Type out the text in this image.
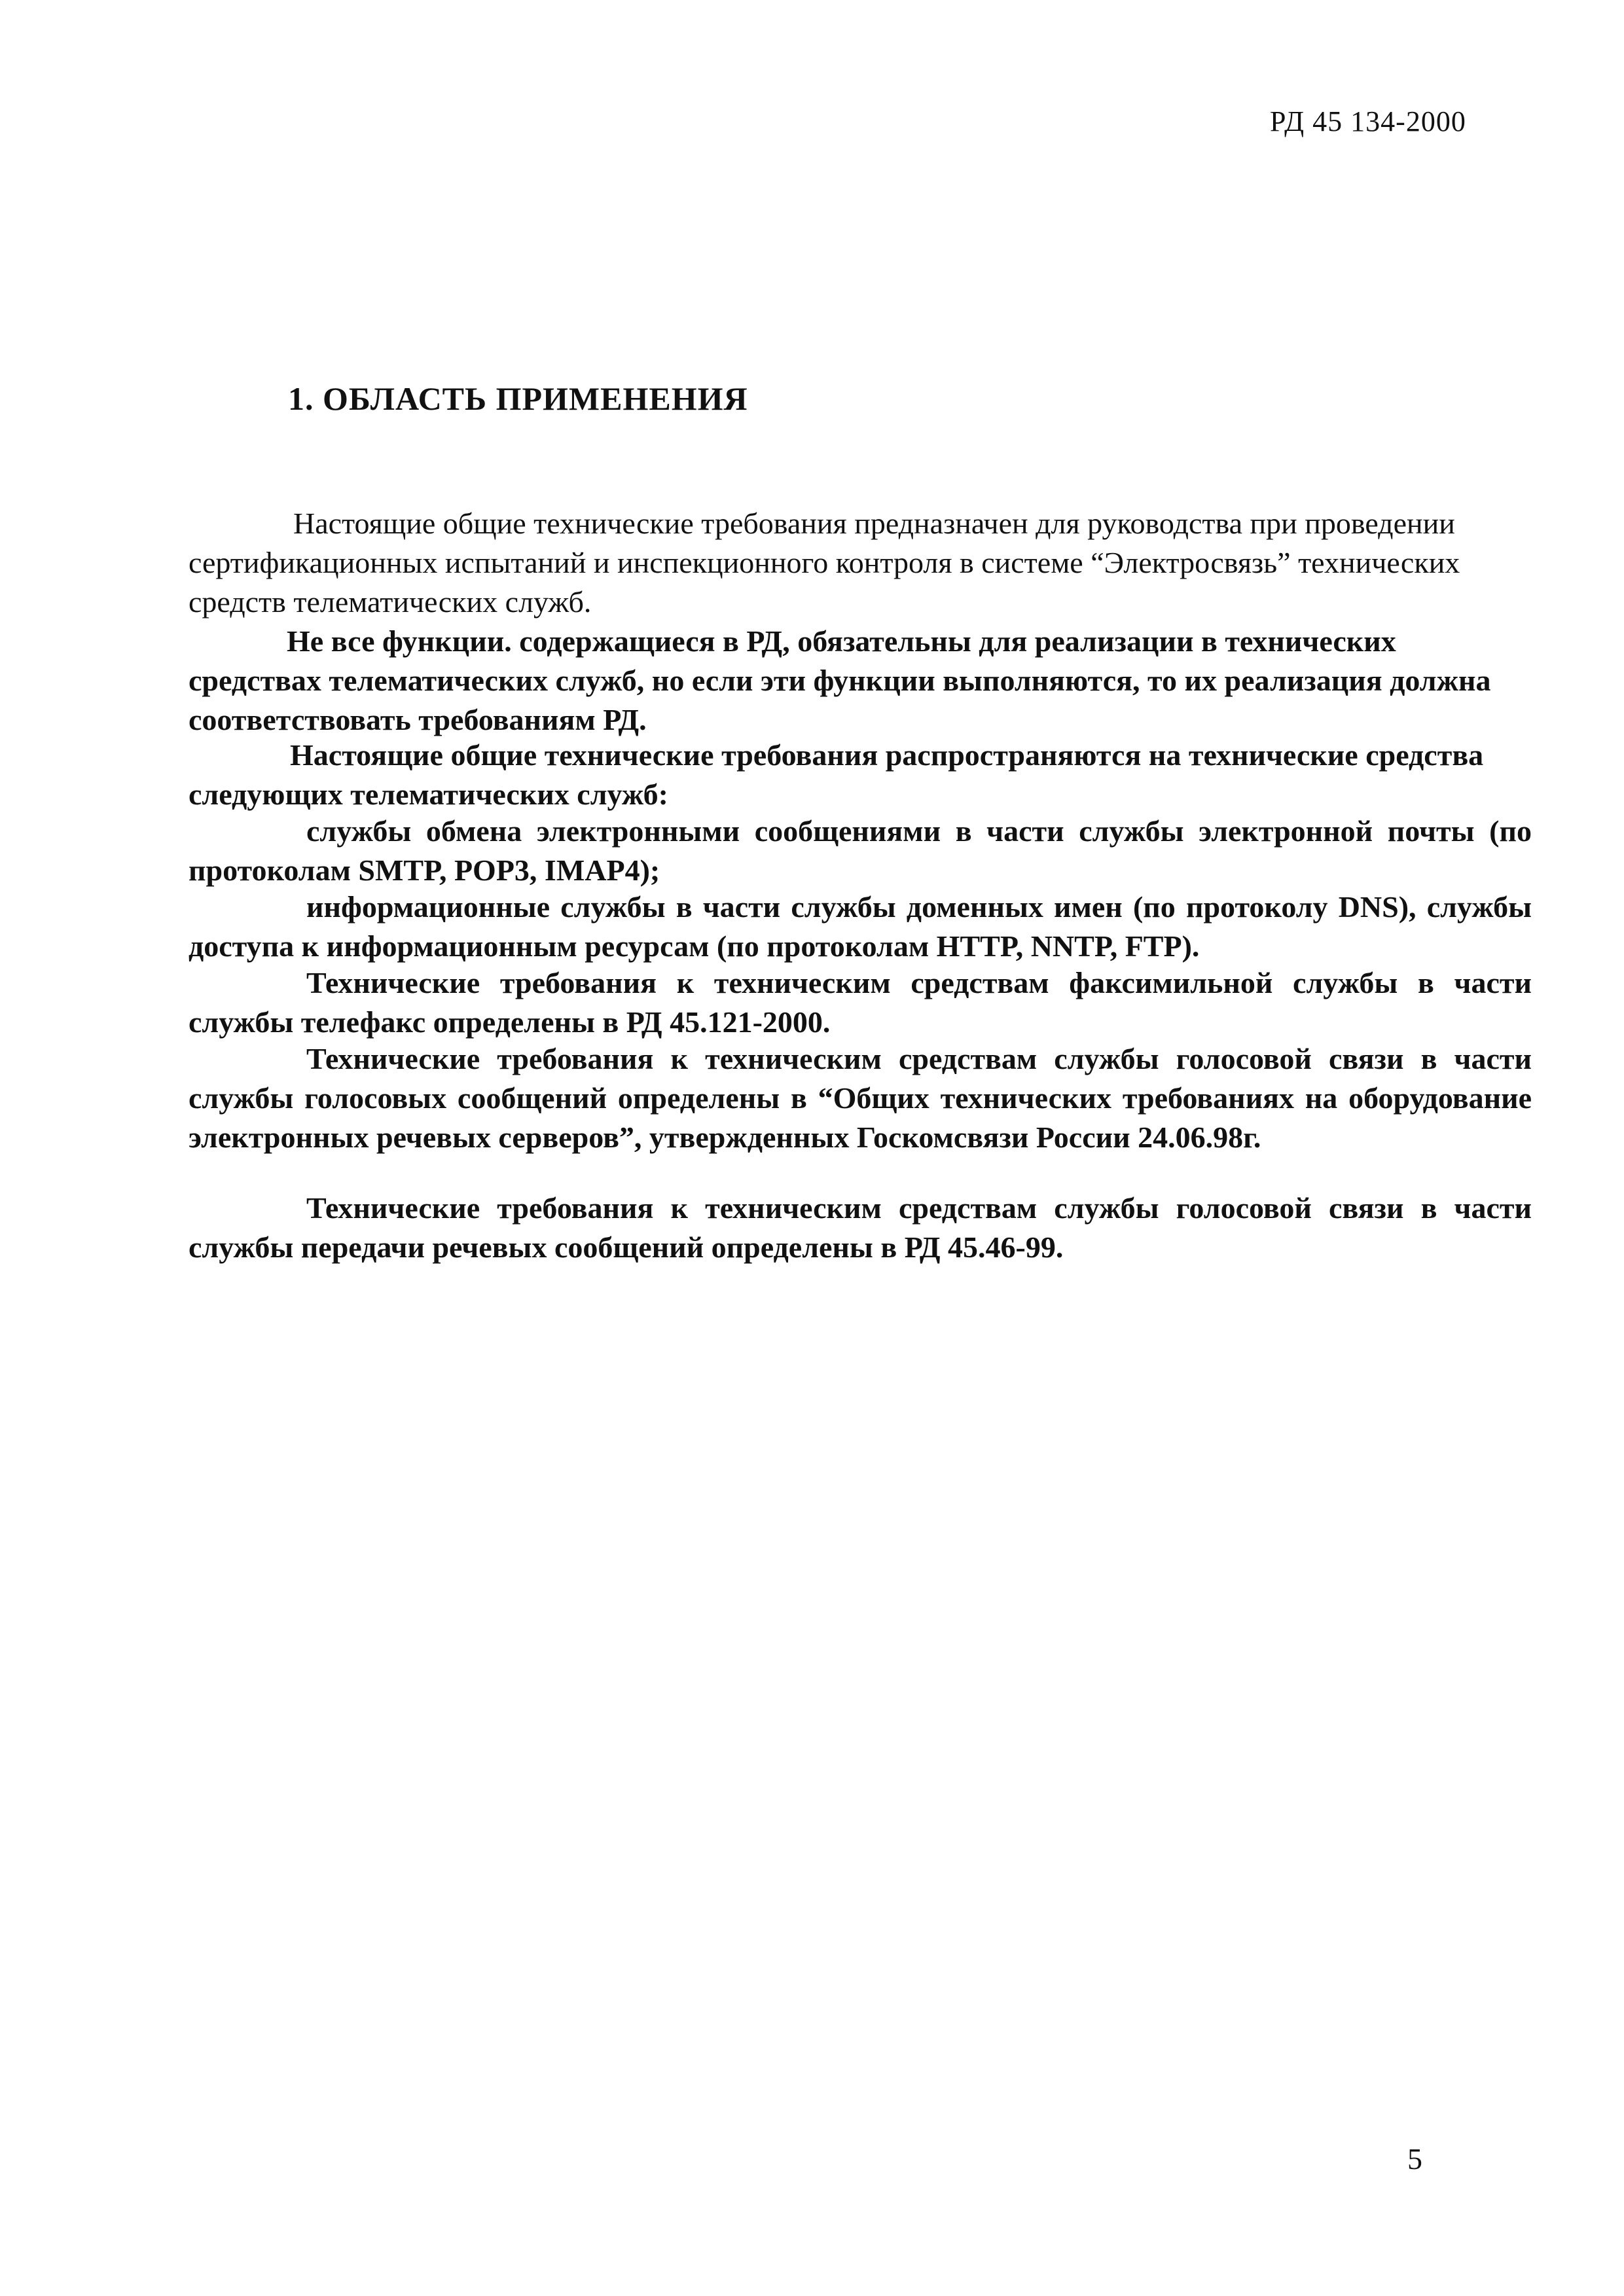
РД 45 134-2000
1. ОБЛАСТЬ ПРИМЕНЕНИЯ

Настоящие общие технические требования предназначен для руководства при проведении сертификационных испытаний и инспекционного контроля в системе “Электросвязь” технических средств телематических служб.

Не все функции. содержащиеся в РД, обязательны для реализации в технических средствах телематических служб, но если эти функции выполняются, то их реализация должна соответствовать требованиям РД.

Настоящие общие технические требования распространяются на технические средства следующих телематических служб:

службы обмена электронными сообщениями в части службы электронной почты (по протоколам SMTP, POP3, IMAP4);

информационные службы в части службы доменных имен (по протоколу DNS), службы доступа к информационным ресурсам (по протоколам HTTP, NNTP, FTP).

Технические требования к техническим средствам факсимильной службы в части службы телефакс определены в РД 45.121-2000.

Технические требования к техническим средствам службы голосовой связи в части службы голосовых сообщений определены в “Общих технических требованиях на оборудование электронных речевых серверов”, утвержденных Госкомсвязи России 24.06.98г.

Технические требования к техническим средствам службы голосовой связи в части службы передачи речевых сообщений определены в РД 45.46-99.

5
